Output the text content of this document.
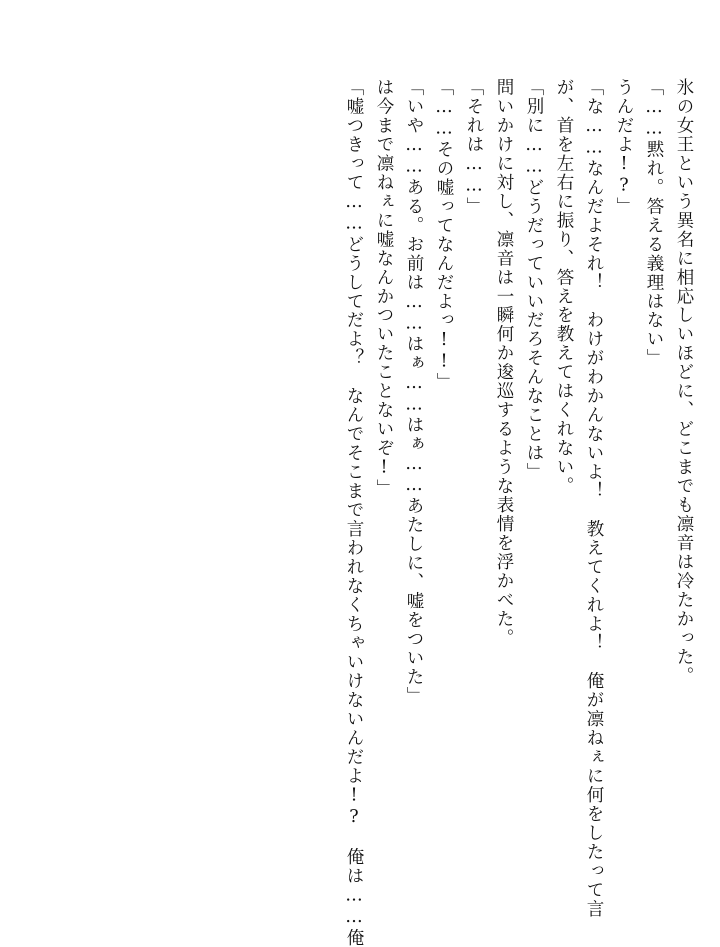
「嘘つきって……どうしてだよ？　なんでそこまで言われなくちゃいけないんだよ!?　俺は……俺 は今まで凛ねぇに嘘なんかついたことないぞ!」 「いや……ある。お前は……はぁ……はぁ……あたしに、嘘をついた」 「……その嘘ってなんだよっ!!」 「それは……」 問いかけに対し、凛音は一瞬何か逡巡するような表情を浮かべた。 「別に……どうだっていいだろそんなことは」 が、首を左右に振り、答えを教えてはくれない。 「な……なんだよそれ！　わけがわかんないよ！　教えてくれよ！　俺が凛ねぇに何をしたって言 うんだよ!?」 「……黙れ。答える義理はない」 氷の女王という異名に相応しいほどに、どこまでも凛音は冷たかった。
